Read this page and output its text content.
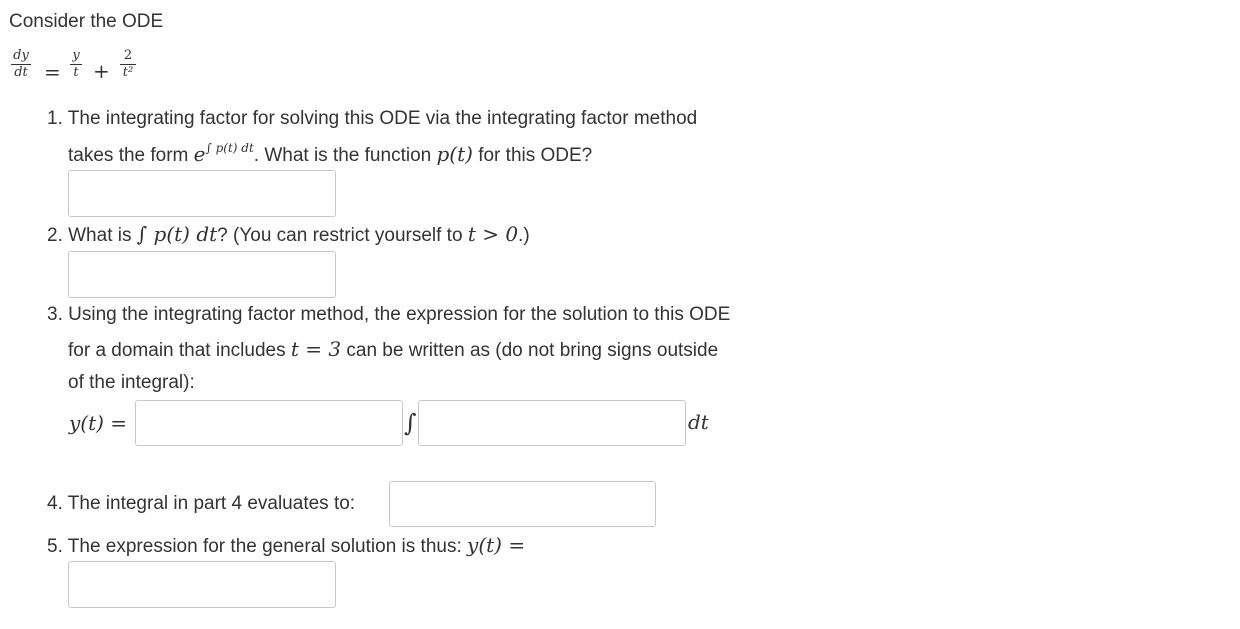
Consider the ODE
dy
dt =
y
t +
2
t²
1. The integrating factor for solving this ODE via the integrating factor method
takes the form $e^{\int p(t) dt}$. What is the function p(t) for this ODE?
2. What is ∫ p(t) dt? (You can restrict yourself to t > 0.)
3. Using the integrating factor method, the expression for the solution to this ODE
for a domain that includes t = 3 can be written as (do not bring signs outside
of the integral):
y(t) =	∫	dt
4. The integral in part 4 evaluates to:
5. The expression for the general solution is thus: y(t) =
